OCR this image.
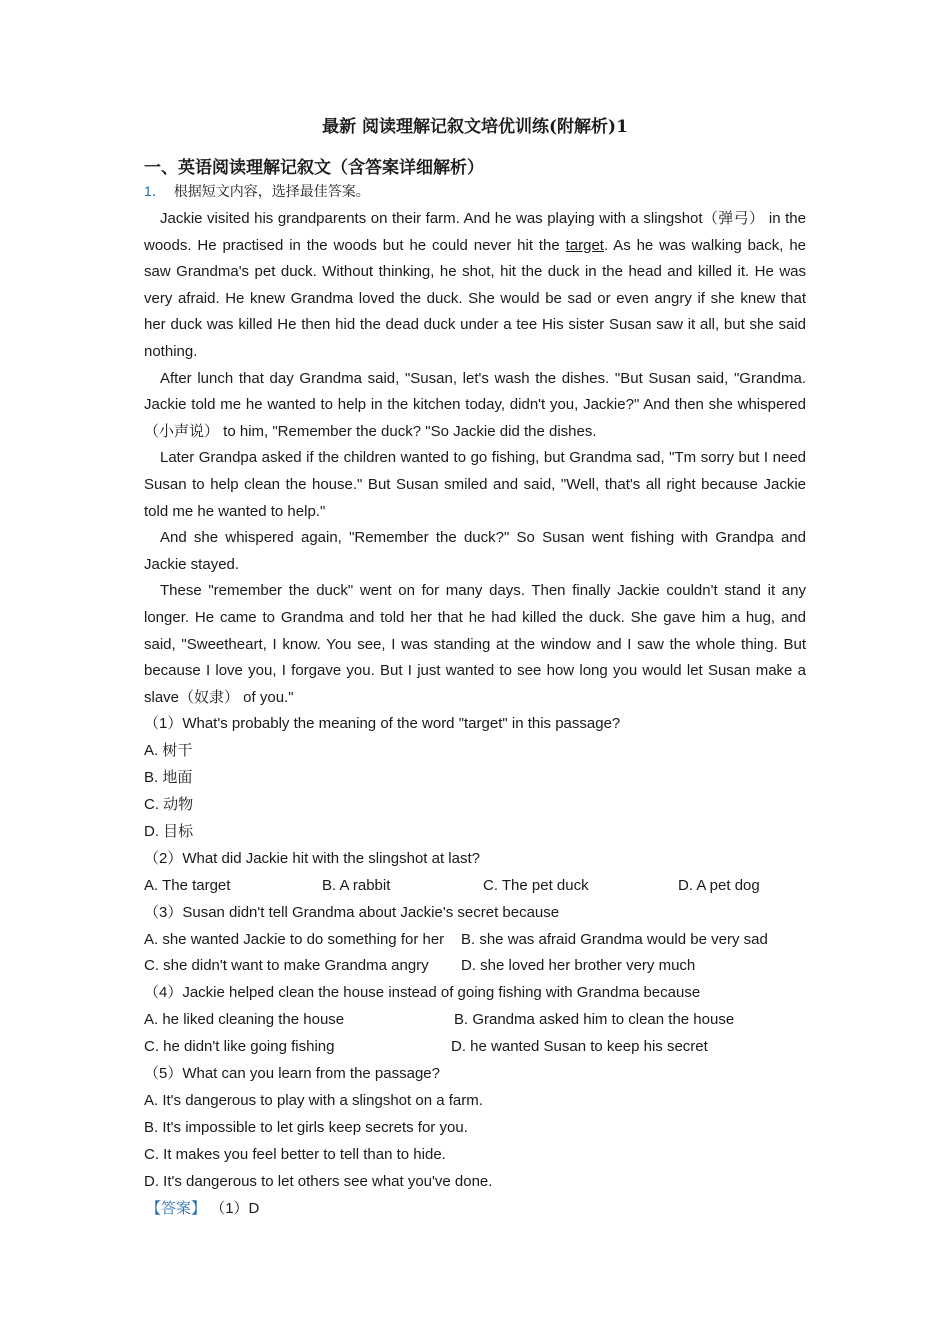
最新 阅读理解记叙文培优训练(附解析)1
一、英语阅读理解记叙文（含答案详细解析）

1． 根据短文内容，选择最佳答案。

Jackie visited his grandparents on their farm. And he was playing with a slingshot（弹弓） in the woods. He practised in the woods but he could never hit the target. As he was walking back, he saw Grandma's pet duck. Without thinking, he shot, hit the duck in the head and killed it. He was very afraid. He knew Grandma loved the duck. She would be sad or even angry if she knew that her duck was killed He then hid the dead duck under a tee His sister Susan saw it all, but she said nothing.

After lunch that day Grandma said, "Susan, let's wash the dishes. "But Susan said, "Grandma. Jackie told me he wanted to help in the kitchen today, didn't you, Jackie?" And then she whispered（小声说） to him, "Remember the duck? "So Jackie did the dishes.

Later Grandpa asked if the children wanted to go fishing, but Grandma sad, "Tm sorry but I need Susan to help clean the house." But Susan smiled and said, "Well, that's all right because Jackie told me he wanted to help."

And she whispered again, "Remember the duck?" So Susan went fishing with Grandpa and Jackie stayed.

These "remember the duck" went on for many days. Then finally Jackie couldn't stand it any longer. He came to Grandma and told her that he had killed the duck. She gave him a hug, and said, "Sweetheart, I know. You see, I was standing at the window and I saw the whole thing. But because I love you, I forgave you. But I just wanted to see how long you would let Susan make a slave（奴隶） of you."

（1）What's probably the meaning of the word "target" in this passage?

A. 树干

B. 地面

C. 动物

D. 目标

（2）What did Jackie hit with the slingshot at last?

A. The target	B. A rabbit	C. The pet duck	D. A pet dog

（3）Susan didn't tell Grandma about Jackie's secret because

A. she wanted Jackie to do something for her	B. she was afraid Grandma would be very sad
C. she didn't want to make Grandma angry	D. she loved her brother very much

（4）Jackie helped clean the house instead of going fishing with Grandma because

A. he liked cleaning the house	B. Grandma asked him to clean the house
C. he didn't like going fishing	D. he wanted Susan to keep his secret

（5）What can you learn from the passage?

A. It's dangerous to play with a slingshot on a farm.

B. It's impossible to let girls keep secrets for you.

C. It makes you feel better to tell than to hide.

D. It's dangerous to let others see what you've done.

【答案】 （1）D
